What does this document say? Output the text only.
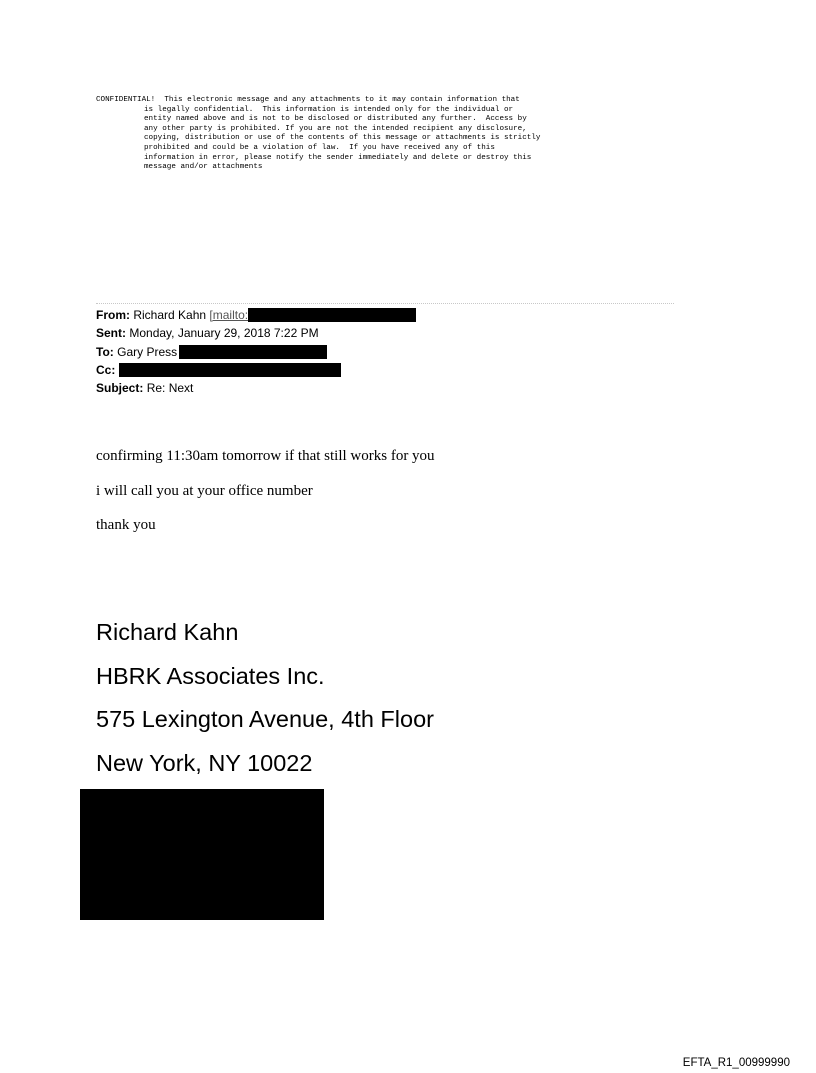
CONFIDENTIAL!  This electronic message and any attachments to it may contain information that
is legally confidential.  This information is intended only for the individual or
entity named above and is not to be disclosed or distributed any further.  Access by
any other party is prohibited. If you are not the intended recipient any disclosure,
copying, distribution or use of the contents of this message or attachments is strictly
prohibited and could be a violation of law.  If you have received any of this
information in error, please notify the sender immediately and delete or destroy this
message and/or attachments
From: Richard Kahn [mailto:
Sent: Monday, January 29, 2018 7:22 PM
To: Gary Press
Cc:
Subject: Re: Next
confirming 11:30am tomorrow if that still works for you
i will call you at your office number
thank you
Richard Kahn
HBRK Associates Inc.
575 Lexington Avenue, 4th Floor
New York, NY 10022
EFTA_R1_00999990
